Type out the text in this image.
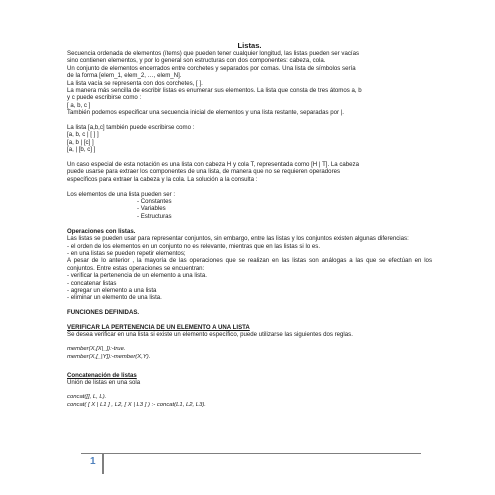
Listas.

Secuencia ordenada de elementos (ítems) que pueden tener cualquier longitud, las listas pueden ser vacías

sino contienen elementos, y por lo general son estructuras con dos componentes: cabeza, cola.

Un conjunto de elementos encerrados entre corchetes y separados por comas. Una lista de símbolos sería

de la forma [elem_1, elem_2, …, elem_N].

La lista vacía se representa con dos corchetes, [ ].

La manera más sencilla de escribir listas es enumerar sus elementos. La lista que consta de tres átomos a, b

y c puede escribirse como :

[ a, b, c ]

También podemos especificar una secuencia inicial de elementos y una lista restante, separadas por |.

La lista [a,b,c] también puede escribirse como :

[a, b, c | [ ] ]

[a, b | [c] ]

[a, | [b, c] ]

Un caso especial de esta notación es una lista con cabeza H y cola T, representada como [H | T]. La cabeza

puede usarse para extraer los componentes de una lista, de manera que no se requieren operadores

específicos para extraer la cabeza y la cola. La solución a la consulta :

Los elementos de una lista pueden ser :

- Constantes

- Variables

- Estructuras

Operaciones con listas.

Las listas se pueden usar para representar conjuntos, sin embargo, entre las listas y los conjuntos existen algunas diferencias:

- el orden de los elementos en un conjunto no es relevante, mientras que en las listas si lo es.

- en una listas se pueden repetir elementos;

A pesar de lo anterior , la mayoría de las operaciones que se realizan en las listas son análogas a las que se efectúan en los conjuntos. Entre estas operaciones se encuentran:

- verificar la pertenencia de un elemento a una lista.

- concatenar listas

- agregar un elemento a una lista

- eliminar un elemento de una lista.

FUNCIONES DEFINIDAS.

VERIFICAR LA PERTENENCIA DE UN ELEMENTO A UNA LISTA

Se desea verificar en una lista si existe un elemento específico, puede utilizarse las siguientes dos reglas.

member(X,[X|_]):-true.

member(X,[_|Y]):-member(X,Y).

Concatenación de listas

Unión de listas en una sola

concat([], L, L).

concat( [ X | L1 ] , L2, [ X | L3 ] ) :- concat(L1, L2, L3).

1
